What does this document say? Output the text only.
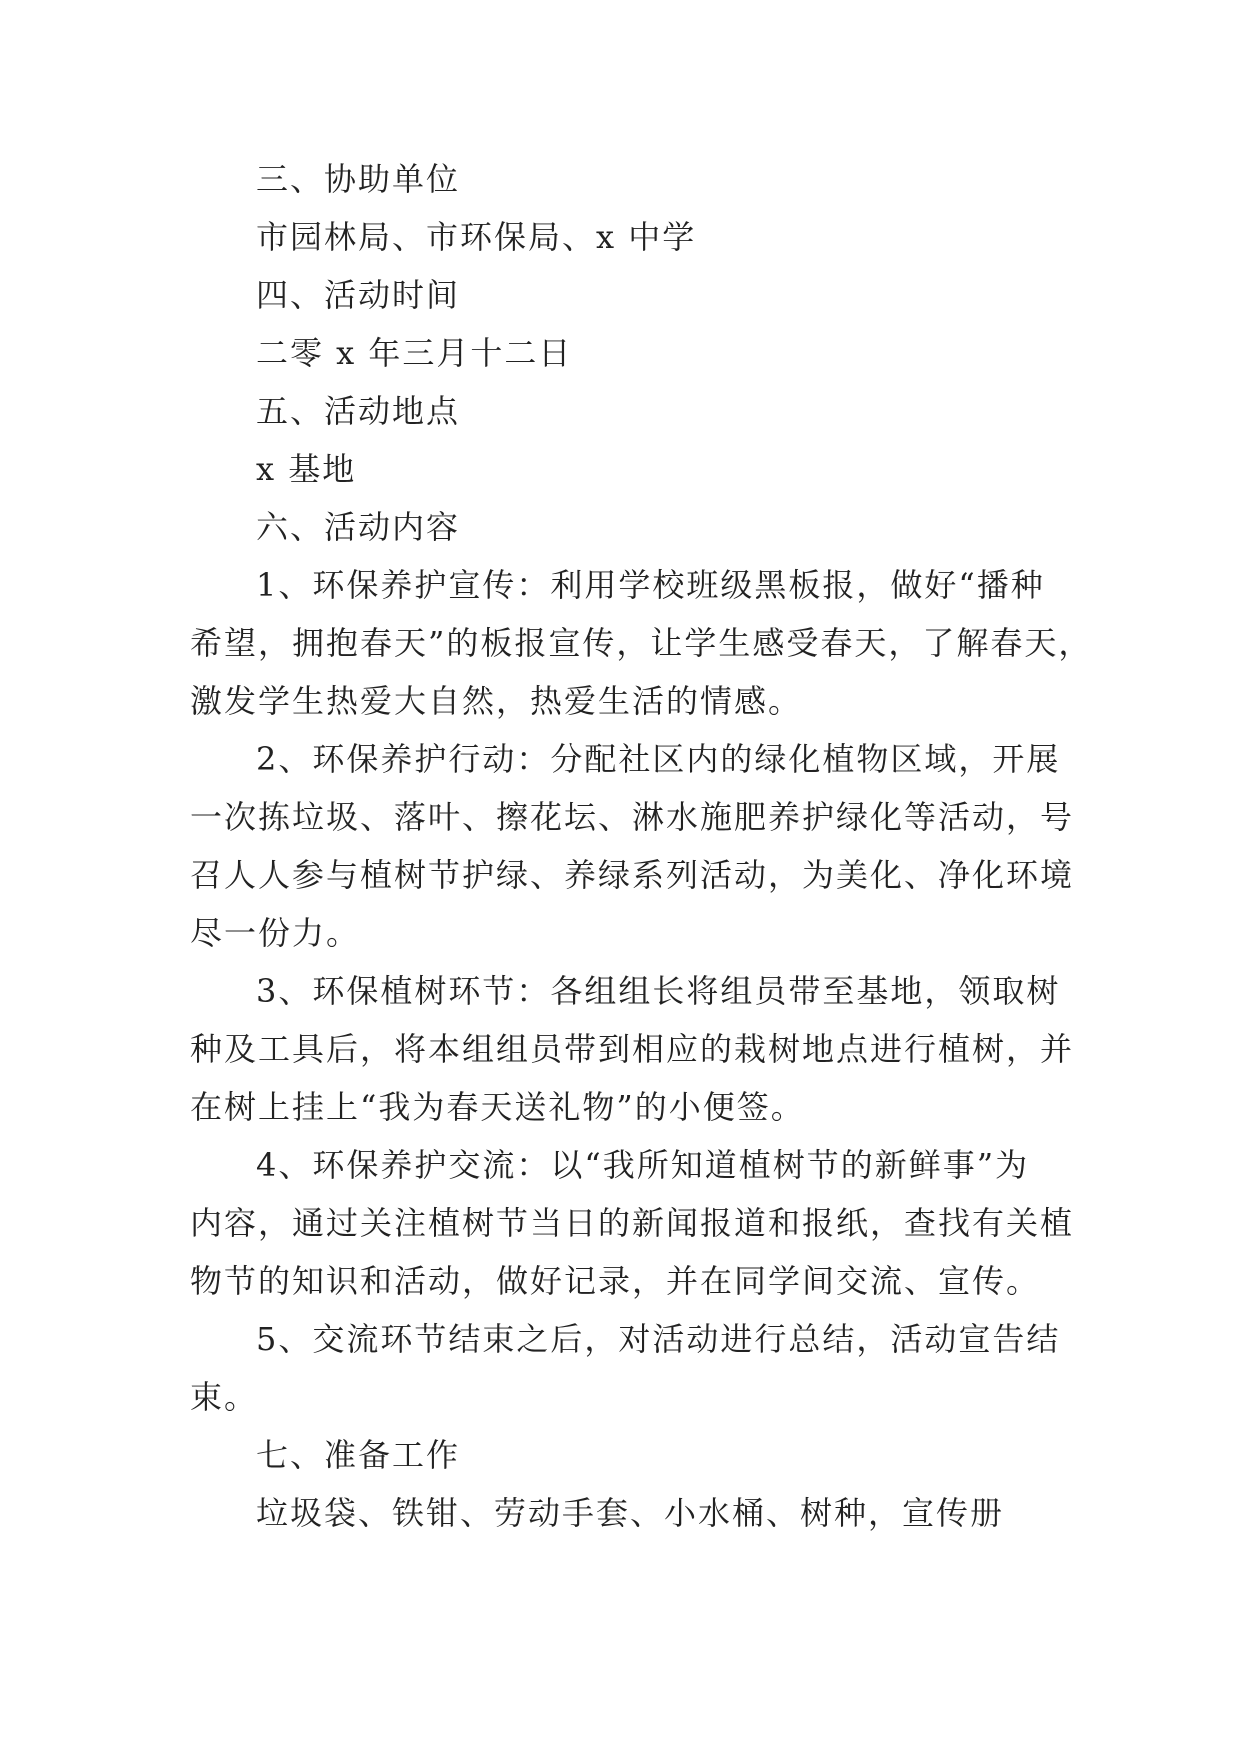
三、协助单位

市园林局、市环保局、x 中学

四、活动时间

二零 x 年三月十二日

五、活动地点

x 基地

六、活动内容

1、环保养护宣传：利用学校班级黑板报，做好“播种

希望，拥抱春天”的板报宣传，让学生感受春天，了解春天，

激发学生热爱大自然，热爱生活的情感。

2、环保养护行动：分配社区内的绿化植物区域，开展

一次拣垃圾、落叶、擦花坛、淋水施肥养护绿化等活动，号

召人人参与植树节护绿、养绿系列活动，为美化、净化环境

尽一份力。

3、环保植树环节：各组组长将组员带至基地，领取树

种及工具后，将本组组员带到相应的栽树地点进行植树，并

在树上挂上“我为春天送礼物”的小便签。

4、环保养护交流：以“我所知道植树节的新鲜事”为

内容，通过关注植树节当日的新闻报道和报纸，查找有关植

物节的知识和活动，做好记录，并在同学间交流、宣传。

5、交流环节结束之后，对活动进行总结，活动宣告结

束。

七、准备工作

垃圾袋、铁钳、劳动手套、小水桶、树种，宣传册
